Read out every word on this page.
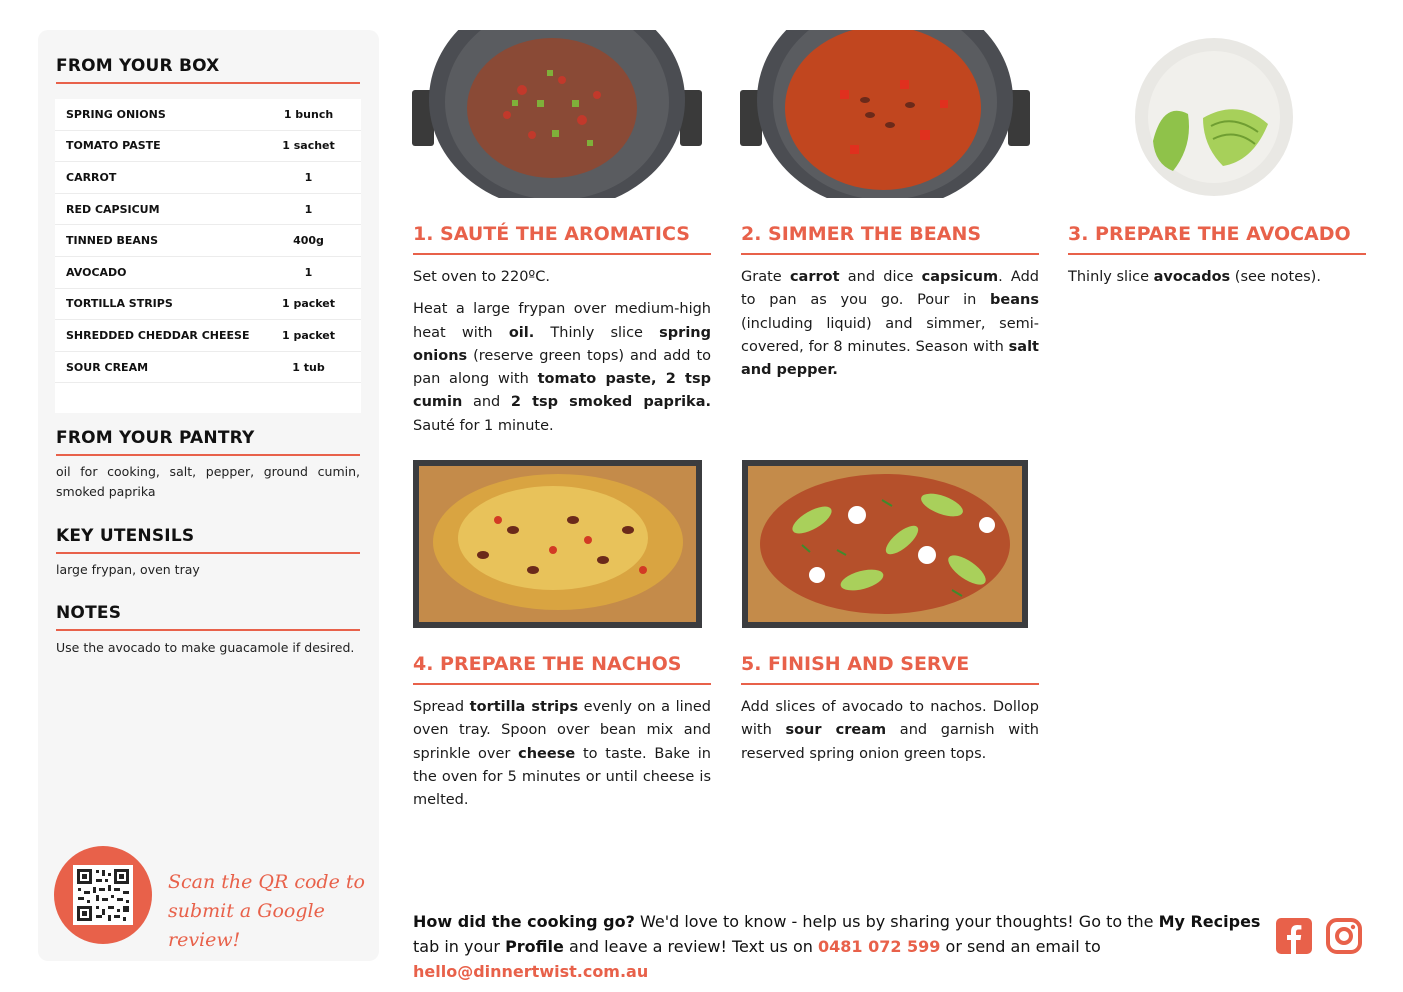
FROM YOUR BOX
SPRING ONIONS	1 bunch
TOMATO PASTE	1 sachet
CARROT	1
RED CAPSICUM	1
TINNED BEANS	400g
AVOCADO	1
TORTILLA STRIPS	1 packet
SHREDDED CHEDDAR CHEESE	1 packet
SOUR CREAM	1 tub
FROM YOUR PANTRY
oil for cooking, salt, pepper, ground cumin, smoked paprika
KEY UTENSILS
large frypan, oven tray
NOTES
Use the avocado to make guacamole if desired.
Scan the QR code to
submit a Google review!
1. SAUTÉ THE AROMATICS

Set oven to 220ºC.

Heat a large frypan over medium-high heat with oil. Thinly slice spring onions (reserve green tops) and add to pan along with tomato paste, 2 tsp cumin and 2 tsp smoked paprika. Sauté for 1 minute.

2. SIMMER THE BEANS

Grate carrot and dice capsicum. Add to pan as you go. Pour in beans (including liquid) and simmer, semi-covered, for 8 minutes. Season with salt and pepper.

3. PREPARE THE AVOCADO

Thinly slice avocados (see notes).

4. PREPARE THE NACHOS

Spread tortilla strips evenly on a lined oven tray. Spoon over bean mix and sprinkle over cheese to taste. Bake in the oven for 5 minutes or until cheese is melted.

5. FINISH AND SERVE

Add slices of avocado to nachos. Dollop with sour cream and garnish with reserved spring onion green tops.

How did the cooking go? We'd love to know - help us by sharing your thoughts! Go to the My Recipes tab in your Profile and leave a review! Text us on 0481 072 599 or send an email to hello@dinnertwist.com.au
